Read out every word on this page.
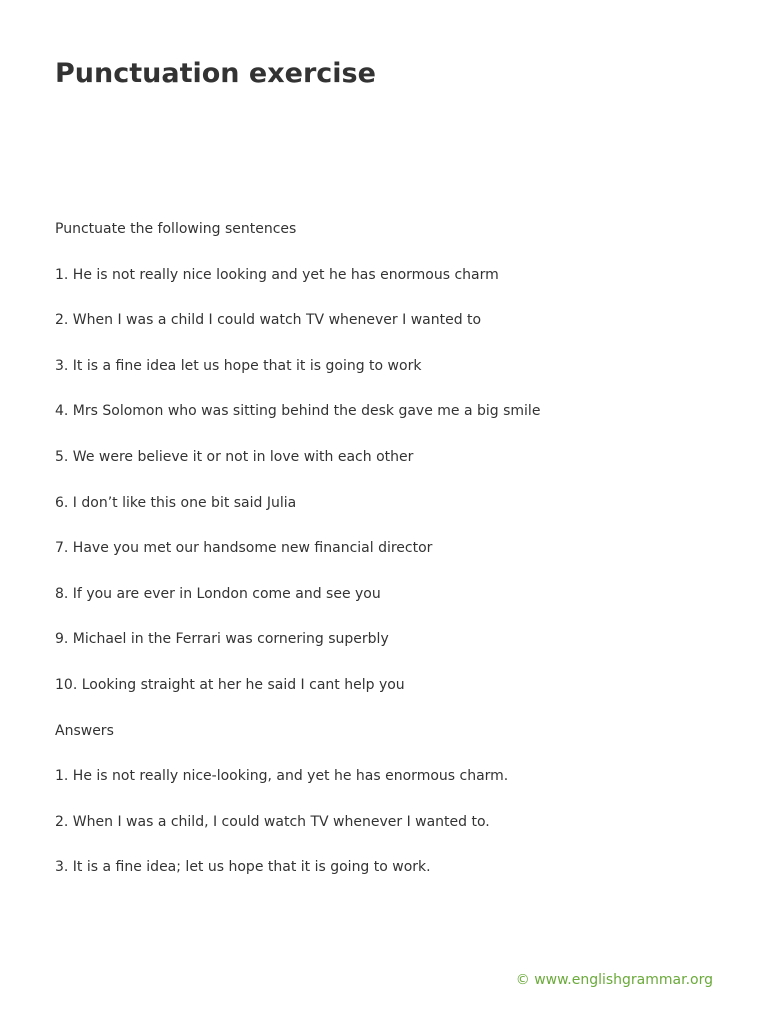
Punctuation exercise

Punctuate the following sentences

1. He is not really nice looking and yet he has enormous charm

2. When I was a child I could watch TV whenever I wanted to

3. It is a fine idea let us hope that it is going to work

4. Mrs Solomon who was sitting behind the desk gave me a big smile

5. We were believe it or not in love with each other

6. I don’t like this one bit said Julia

7. Have you met our handsome new financial director

8. If you are ever in London come and see you

9. Michael in the Ferrari was cornering superbly

10. Looking straight at her he said I cant help you

Answers

1. He is not really nice-looking, and yet he has enormous charm.

2. When I was a child, I could watch TV whenever I wanted to.

3. It is a fine idea; let us hope that it is going to work.

© www.englishgrammar.org
